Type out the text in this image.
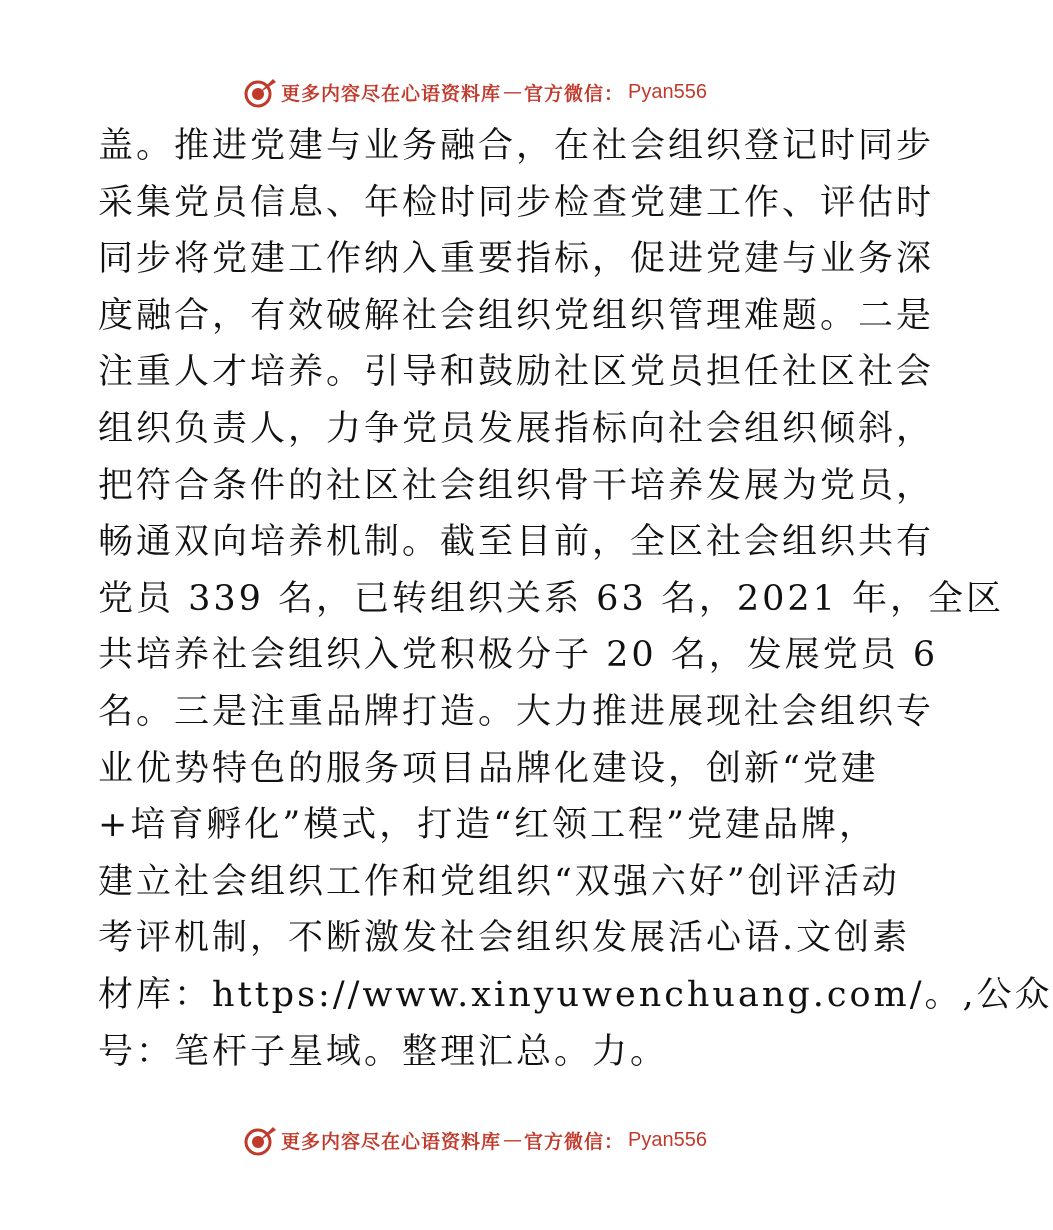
更多内容尽在心语资料库 — 官方微信： Pyan556
盖。推进党建与业务融合，在社会组织登记时同步
采集党员信息、年检时同步检查党建工作、评估时
同步将党建工作纳入重要指标，促进党建与业务深
度融合，有效破解社会组织党组织管理难题。二是
注重人才培养。引导和鼓励社区党员担任社区社会
组织负责人，力争党员发展指标向社会组织倾斜，
把符合条件的社区社会组织骨干培养发展为党员，
畅通双向培养机制。截至目前，全区社会组织共有
党员 339 名，已转组织关系 63 名，2021 年，全区
共培养社会组织入党积极分子 20 名，发展党员 6
名。三是注重品牌打造。大力推进展现社会组织专
业优势特色的服务项目品牌化建设，创新“党建
+培育孵化”模式，打造“红领工程”党建品牌，
建立社会组织工作和党组织“双强六好”创评活动
考评机制，不断激发社会组织发展活心语.文创素
材库：https://www.xinyuwenchuang.com/。,公众
号：笔杆子星域。整理汇总。力。
更多内容尽在心语资料库 — 官方微信： Pyan556
